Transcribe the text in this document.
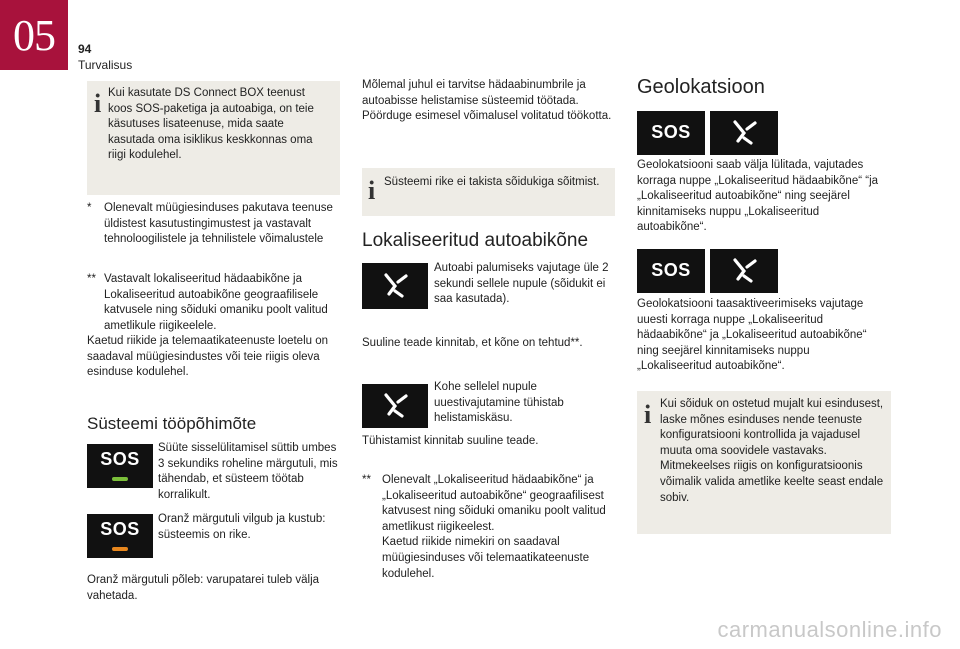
05	94
Turvalisus
i Kui kasutate DS Connect BOX teenust koos SOS-paketiga ja autoabiga, on teie käsutuses lisateenuse, mida saate kasutada oma isiklikus keskkonnas oma riigi kodulehel.
*	Olenevalt müügiesinduses pakutava teenuse üldistest kasutustingimustest ja vastavalt tehnoloogilistele ja tehnilistele võimalustele
** Vastavalt lokaliseeritud hädaabikõne ja Lokaliseeritud autoabikõne geograafilisele katvusele ning sõiduki omaniku poolt valitud ametlikule riigikeelele.
Kaetud riikide ja telemaatikateenuste loetelu on saadaval müügiesindustes või teie riigis oleva esinduse kodulehel.
Süsteemi tööpõhimõte
SOS
Süüte sisselülitamisel süttib umbes 3 sekundiks roheline märgutuli, mis tähendab, et süsteem töötab korralikult.
SOS	Oranž märgutuli vilgub ja kustub: süsteemis on rike.
Oranž märgutuli põleb: varupatarei tuleb välja vahetada.
Mõlemal juhul ei tarvitse hädaabinumbrile ja autoabisse helistamise süsteemid töötada. Pöörduge esimesel võimalusel volitatud töökotta.
i Süsteemi rike ei takista sõidukiga sõitmist.
Lokaliseeritud autoabikõne
Autoabi palumiseks vajutage üle 2 sekundi sellele nupule (sõidukit ei saa kasutada).
Suuline teade kinnitab, et kõne on tehtud**.
Kohe sellelel nupule uuestivajutamine tühistab helistamiskäsu.
Tühistamist kinnitab suuline teade.
** Olenevalt „Lokaliseeritud hädaabikõne“ ja „Lokaliseeritud autoabikõne“ geograafilisest katvusest ning sõiduki omaniku poolt valitud ametlikust riigikeelest.
Kaetud riikide nimekiri on saadaval müügiesinduses või telemaatikateenuste kodulehel.
Geolokatsioon
SOS
Geolokatsiooni saab välja lülitada, vajutades korraga nuppe „Lokaliseeritud hädaabikõne“ “ja „Lokaliseeritud autoabikõne“ ning seejärel kinnitamiseks nuppu „Lokaliseeritud autoabikõne“.
SOS
Geolokatsiooni taasaktiveerimiseks vajutage uuesti korraga nuppe „Lokaliseeritud hädaabikõne“ ja „Lokaliseeritud autoabikõne“ ning seejärel kinnitamiseks nuppu „Lokaliseeritud autoabikõne“.
i Kui sõiduk on ostetud mujalt kui esindusest, laske mõnes esinduses nende teenuste konfiguratsiooni kontrollida ja vajadusel muuta oma soovidele vastavaks.
Mitmekeelses riigis on konfiguratsioonis võimalik valida ametlike keelte seast endale sobiv.
carmanualsonline.info
